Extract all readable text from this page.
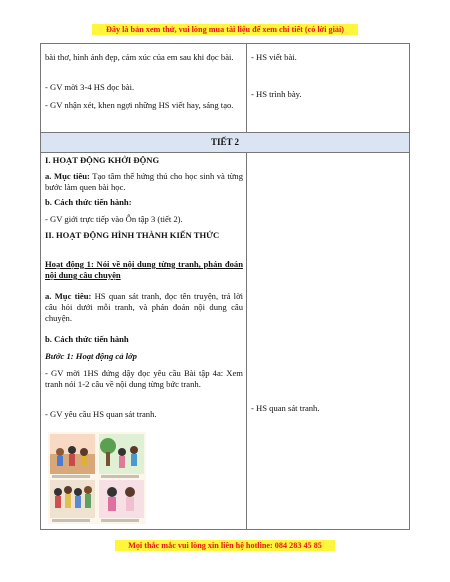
Đây là bản xem thử, vui lòng mua tài liệu để xem chi tiết (có lời giải)
bài thơ, hình ảnh đẹp, cảm xúc của em sau khi đọc bài.
- GV mời 3-4 HS đọc bài.
- GV nhận xét, khen ngợi những HS viết hay, sáng tạo.
- HS viết bài.
- HS trình bày.
TIẾT 2
I. HOẠT ĐỘNG KHỞI ĐỘNG
a. Mục tiêu: Tạo tâm thế hứng thú cho học sinh và từng bước làm quen bài học.
b. Cách thức tiến hành:
- GV giới trực tiếp vào Ôn tập 3 (tiết 2).
II. HOẠT ĐỘNG HÌNH THÀNH KIẾN THỨC
Hoạt động 1: Nói về nội dung từng tranh, phán đoán nội dung câu chuyện
a. Mục tiêu: HS quan sát tranh, đọc tên truyện, trả lời câu hỏi dưới mỗi tranh, và phán đoán nội dung câu chuyện.
b. Cách thức tiến hành
Bước 1: Hoạt động cả lớp
- GV mời 1HS đứng dậy đọc yêu cầu Bài tập 4a: Xem tranh nói 1-2 câu về nội dung từng bức tranh.
- GV yêu cầu HS quan sát tranh.
- HS quan sát tranh.
Mọi thắc mắc vui lòng xin liên hệ hotline: 084 283 45 85
